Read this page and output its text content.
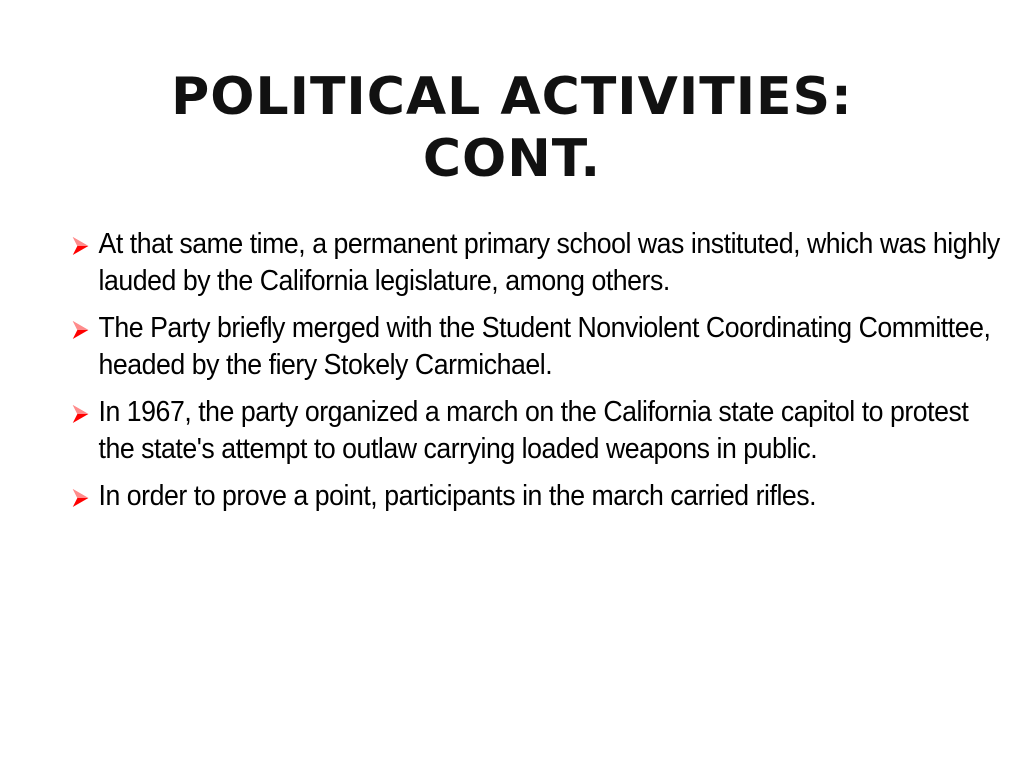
POLITICAL ACTIVITIES:
CONT.
At that same time, a permanent primary school was instituted, which was highly lauded by the California legislature, among others.
The Party briefly merged with the Student Nonviolent Coordinating Committee, headed by the fiery Stokely Carmichael.
In 1967, the party organized a march on the California state capitol to protest the state's attempt to outlaw carrying loaded weapons in public.
In order to prove a point, participants in the march carried rifles.
